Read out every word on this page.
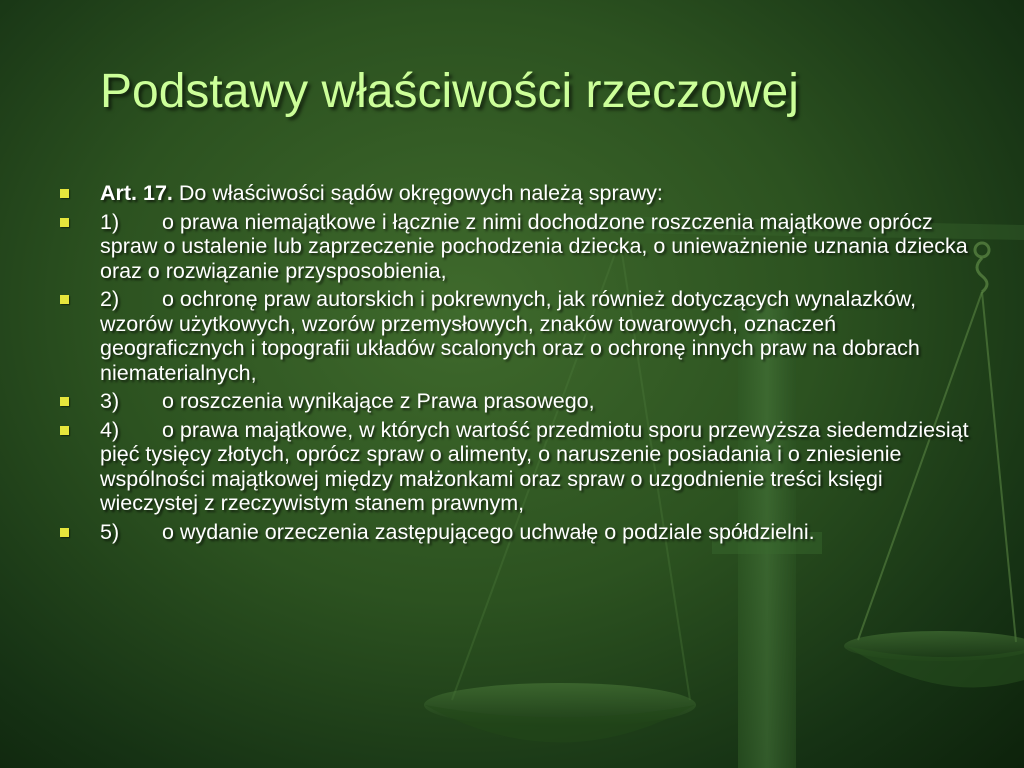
Podstawy właściwości rzeczowej
Art. 17. Do właściwości sądów okręgowych należą sprawy:
1) o prawa niemajątkowe i łącznie z nimi dochodzone roszczenia majątkowe oprócz spraw o ustalenie lub zaprzeczenie pochodzenia dziecka, o unieważnienie uznania dziecka oraz o rozwiązanie przysposobienia,
2) o ochronę praw autorskich i pokrewnych, jak również dotyczących wynalazków, wzorów użytkowych, wzorów przemysłowych, znaków towarowych, oznaczeń geograficznych i topografii układów scalonych oraz o ochronę innych praw na dobrach niematerialnych,
3) o roszczenia wynikające z Prawa prasowego,
4) o prawa majątkowe, w których wartość przedmiotu sporu przewyższa siedemdziesiąt pięć tysięcy złotych, oprócz spraw o alimenty, o naruszenie posiadania i o zniesienie wspólności majątkowej między małżonkami oraz spraw o uzgodnienie treści księgi wieczystej z rzeczywistym stanem prawnym,
5) o wydanie orzeczenia zastępującego uchwałę o podziale spółdzielni.
